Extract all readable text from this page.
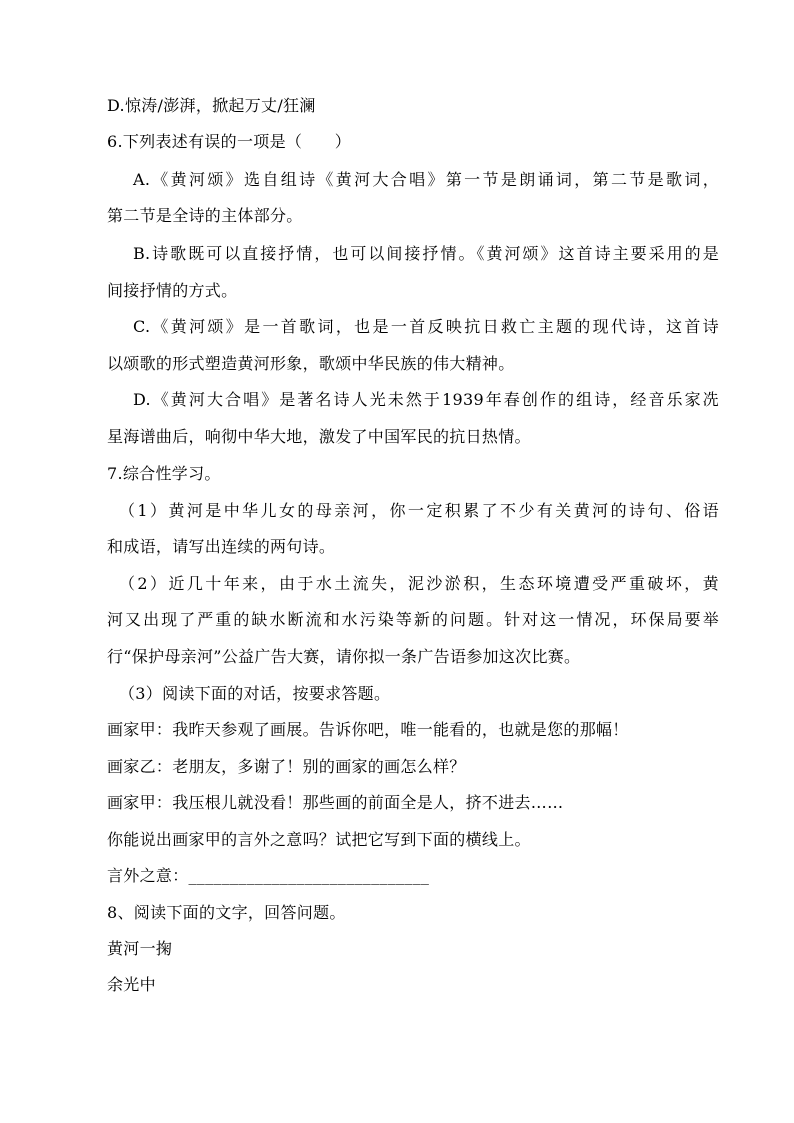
D.惊涛/澎湃，掀起万丈/狂澜
6.下列表述有误的一项是（　　）
A.《黄河颂》选自组诗《黄河大合唱》第一节是朗诵词，第二节是歌词，
第二节是全诗的主体部分。
B.诗歌既可以直接抒情，也可以间接抒情。《黄河颂》这首诗主要采用的是
间接抒情的方式。
C.《黄河颂》是一首歌词，也是一首反映抗日救亡主题的现代诗，这首诗
以颂歌的形式塑造黄河形象，歌颂中华民族的伟大精神。
D.《黄河大合唱》是著名诗人光未然于1939年春创作的组诗，经音乐家冼
星海谱曲后，响彻中华大地，激发了中国军民的抗日热情。
7.综合性学习。
（1）黄河是中华儿女的母亲河，你一定积累了不少有关黄河的诗句、俗语
和成语，请写出连续的两句诗。
（2）近几十年来，由于水土流失，泥沙淤积，生态环境遭受严重破坏，黄
河又出现了严重的缺水断流和水污染等新的问题。针对这一情况，环保局要举
行“保护母亲河”公益广告大赛，请你拟一条广告语参加这次比赛。
（3）阅读下面的对话，按要求答题。
画家甲：我昨天参观了画展。告诉你吧，唯一能看的，也就是您的那幅！
画家乙：老朋友，多谢了！别的画家的画怎么样？
画家甲：我压根儿就没看！那些画的前面全是人，挤不进去……
你能说出画家甲的言外之意吗？试把它写到下面的横线上。
言外之意：_____________________________
8、阅读下面的文字，回答问题。
黄河一掬
余光中
